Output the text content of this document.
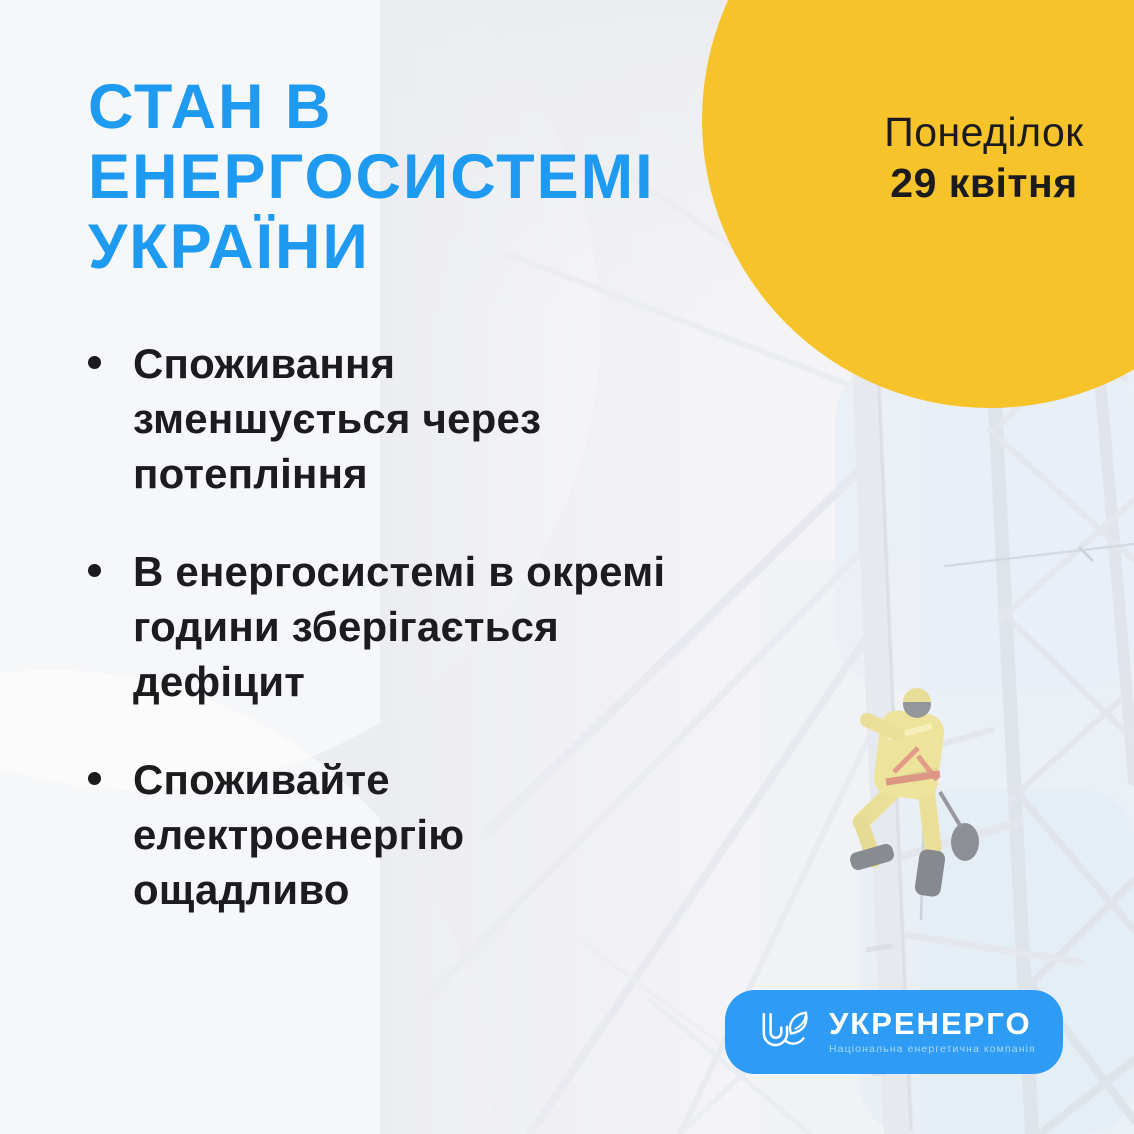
Понеділок
29 квітня
СТАН В
ЕНЕРГОСИСТЕМІ
УКРАЇНИ
Споживання
зменшується через
потепління
В енергосистемі в окремі
години зберігається
дефіцит
Споживайте
електроенергію
ощадливо
УКРЕНЕРГО
Національна енергетична компанія
